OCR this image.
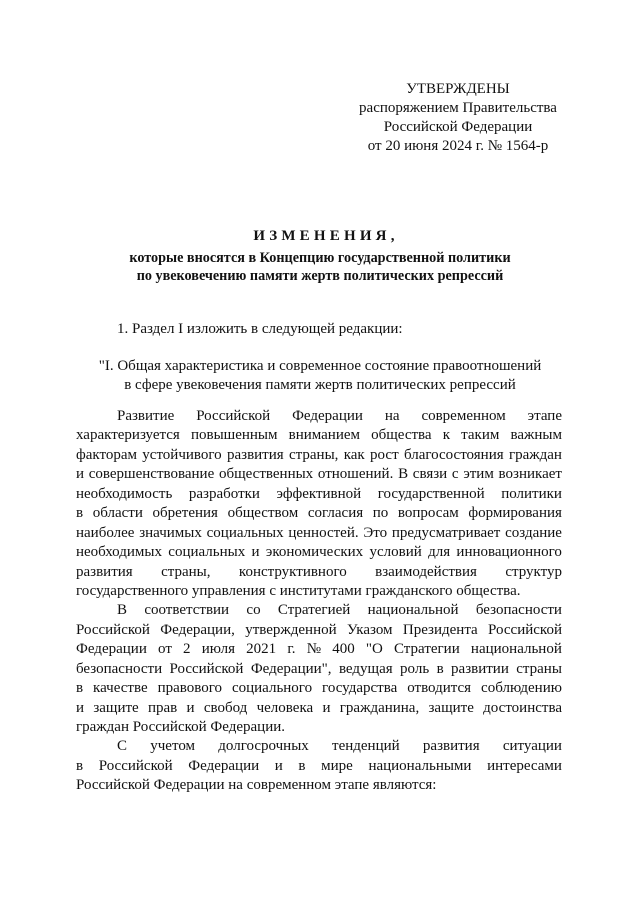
УТВЕРЖДЕНЫ
распоряжением Правительства
Российской Федерации
от 20 июня 2024 г. № 1564-р
ИЗМЕНЕНИЯ,
которые вносятся в Концепцию государственной политики
по увековечению памяти жертв политических репрессий
1. Раздел I изложить в следующей редакции:
"I. Общая характеристика и современное состояние правоотношений
в сфере увековечения памяти жертв политических репрессий
Развитие Российской Федерации на современном этапе
характеризуется повышенным вниманием общества к таким важным
факторам устойчивого развития страны, как рост благосостояния граждан
и совершенствование общественных отношений. В связи с этим возникает
необходимость разработки эффективной государственной политики
в области обретения обществом согласия по вопросам формирования
наиболее значимых социальных ценностей. Это предусматривает создание
необходимых социальных и экономических условий для инновационного
развития страны, конструктивного взаимодействия структур
государственного управления с институтами гражданского общества.
В соответствии со Стратегией национальной безопасности
Российской Федерации, утвержденной Указом Президента Российской
Федерации от 2 июля 2021 г. № 400 "О Стратегии национальной
безопасности Российской Федерации", ведущая роль в развитии страны
в качестве правового социального государства отводится соблюдению
и защите прав и свобод человека и гражданина, защите достоинства
граждан Российской Федерации.
С учетом долгосрочных тенденций развития ситуации
в Российской Федерации и в мире национальными интересами
Российской Федерации на современном этапе являются:
